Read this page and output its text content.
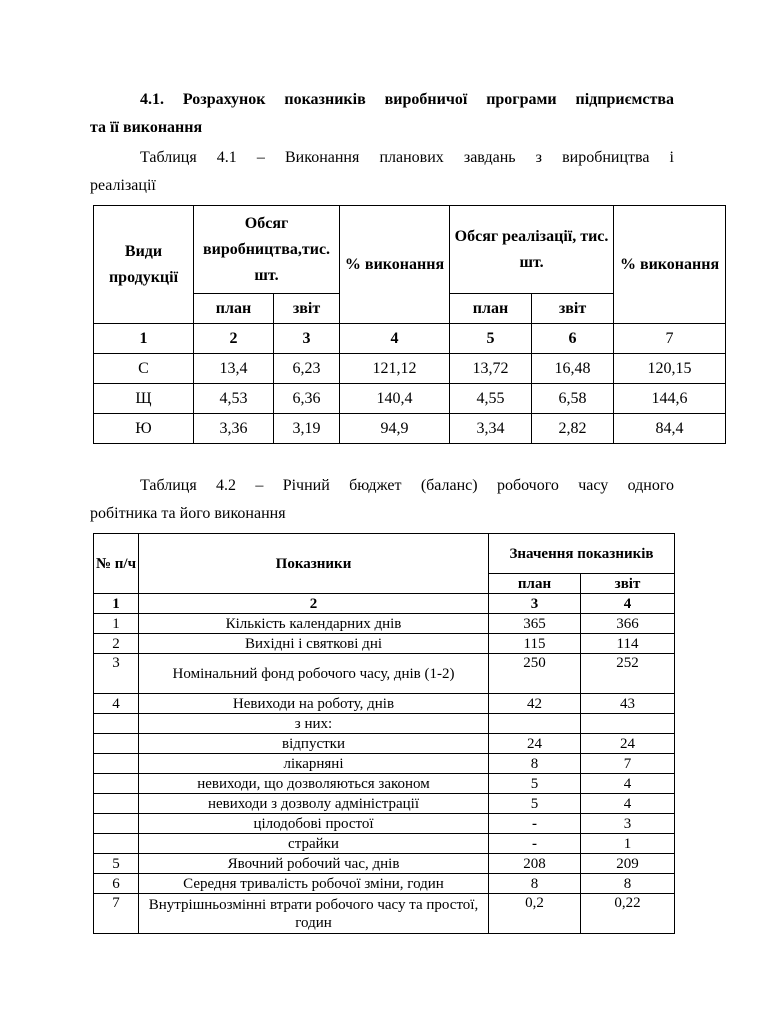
4.1. Розрахунок показників виробничої програми підприємства
та її виконання
Таблиця 4.1 – Виконання планових завдань з виробництва і
реалізації
Види продукції	Обсяг виробництва,тис. шт.		% виконання	Обсяг реалізації, тис. шт.		% виконання
	план	звіт		план	звіт	
1	2	3	4	5	6	7
С	13,4	6,23	121,12	13,72	16,48	120,15
Щ	4,53	6,36	140,4	4,55	6,58	144,6
Ю	3,36	3,19	94,9	3,34	2,82	84,4
Таблиця 4.2 – Річний бюджет (баланс) робочого часу одного
робітника та його виконання
№ п/ч	Показники	Значення показників	
		план	звіт
1	2	3	4
1	Кількість календарних днів	365	366
2	Вихідні і святкові дні	115	114
3	Номінальний фонд робочого часу, днів (1-2)	250	252
4	Невиходи на роботу, днів	42	43
	з них:		
	відпустки	24	24
	лікарняні	8	7
	невиходи, що дозволяються законом	5	4
	невиходи з дозволу адміністрації	5	4
	цілодобові простої	-	3
	страйки	-	1
5	Явочний робочий час, днів	208	209
6	Середня тривалість робочої зміни, годин	8	8
7	Внутрішньозмінні втрати робочого часу та простої, годин	0,2	0,22
